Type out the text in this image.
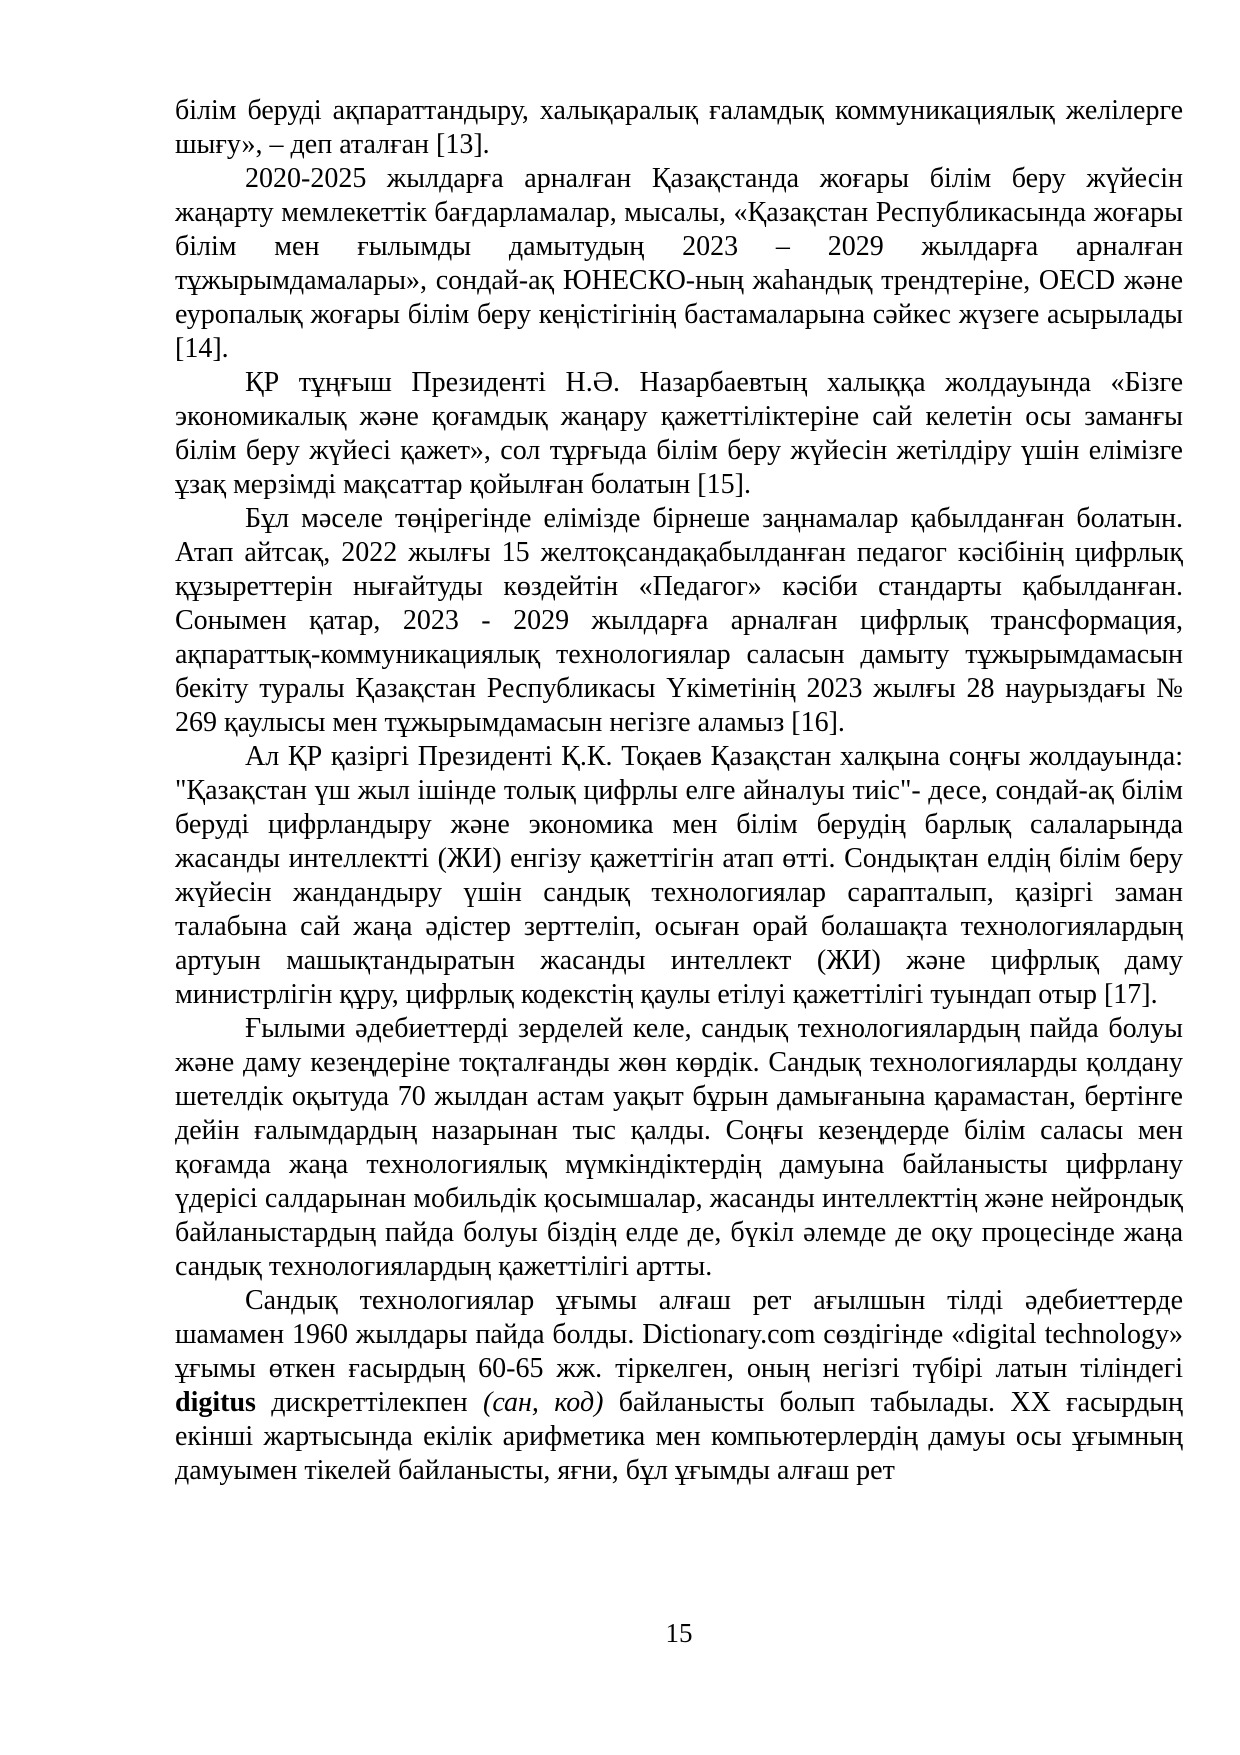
білім беруді ақпараттандыру, халықаралық ғаламдық коммуникациялық желілерге шығу», – деп аталған [13].

2020-2025 жылдарға арналған Қазақстанда жоғары білім беру жүйесін жаңарту мемлекеттік бағдарламалар, мысалы, «Қазақстан Республикасында жоғары білім мен ғылымды дамытудың 2023 – 2029 жылдарға арналған тұжырымдамалары», сондай-ақ ЮНЕСКО-ның жаһандық трендтеріне, OECD және еуропалық жоғары білім беру кеңістігінің бастамаларына сәйкес жүзеге асырылады [14].

ҚР тұңғыш Президенті Н.Ә. Назарбаевтың халыққа жолдауында «Бізге экономикалық және қоғамдық жаңару қажеттіліктеріне сай келетін осы заманғы білім беру жүйесі қажет», сол тұрғыда білім беру жүйесін жетілдіру үшін елімізге ұзақ мерзімді мақсаттар қойылған болатын [15].

Бұл мәселе төңірегінде елімізде бірнеше заңнамалар қабылданған болатын. Атап айтсақ, 2022 жылғы 15 желтоқсандақабылданған педагог кәсібінің цифрлық құзыреттерін нығайтуды көздейтін «Педагог» кәсіби стандарты қабылданған. Сонымен қатар, 2023 - 2029 жылдарға арналған цифрлық трансформация, ақпараттық-коммуникациялық технологиялар саласын дамыту тұжырымдамасын бекіту туралы Қазақстан Республикасы Үкіметінің 2023 жылғы 28 наурыздағы № 269 қаулысы мен тұжырымдамасын негізге аламыз [16].

Ал ҚР қазіргі Президенті Қ.К. Тоқаев Қазақстан халқына соңғы жолдауында: "Қазақстан үш жыл ішінде толық цифрлы елге айналуы тиіс"- десе, сондай-ақ білім беруді цифрландыру және экономика мен білім берудің барлық салаларында жасанды интеллектті (ЖИ) енгізу қажеттігін атап өтті. Сондықтан елдің білім беру жүйесін жандандыру үшін сандық технологиялар сарапталып, қазіргі заман талабына сай жаңа әдістер зерттеліп, осыған орай болашақта технологиялардың артуын машықтандыратын жасанды интеллект (ЖИ) және цифрлық даму министрлігін құру, цифрлық кодекстің қаулы етілуі қажеттілігі туындап отыр [17].

Ғылыми әдебиеттерді зерделей келе, сандық технологиялардың пайда болуы және даму кезеңдеріне тоқталғанды жөн көрдік. Сандық технологияларды қолдану шетелдік оқытуда 70 жылдан астам уақыт бұрын дамығанына қарамастан, бертінге дейін ғалымдардың назарынан тыс қалды. Соңғы кезеңдерде білім саласы мен қоғамда жаңа технологиялық мүмкіндіктердің дамуына байланысты цифрлану үдерісі салдарынан мобильдік қосымшалар, жасанды интеллекттің және нейрондық байланыстардың пайда болуы біздің елде де, бүкіл әлемде де оқу процесінде жаңа сандық технологиялардың қажеттілігі артты.

Сандық технологиялар ұғымы алғаш рет ағылшын тілді әдебиеттерде шамамен 1960 жылдары пайда болды. Dictionary.com сөздігінде «digital technology» ұғымы өткен ғасырдың 60-65 жж. тіркелген, оның негізгі түбірі латын тіліндегі digitus дискреттілекпен (сан, код) байланысты болып табылады. ХХ ғасырдың екінші жартысында екілік арифметика мен компьютерлердің дамуы осы ұғымның дамуымен тікелей байланысты, яғни, бұл ұғымды алғаш рет

15
